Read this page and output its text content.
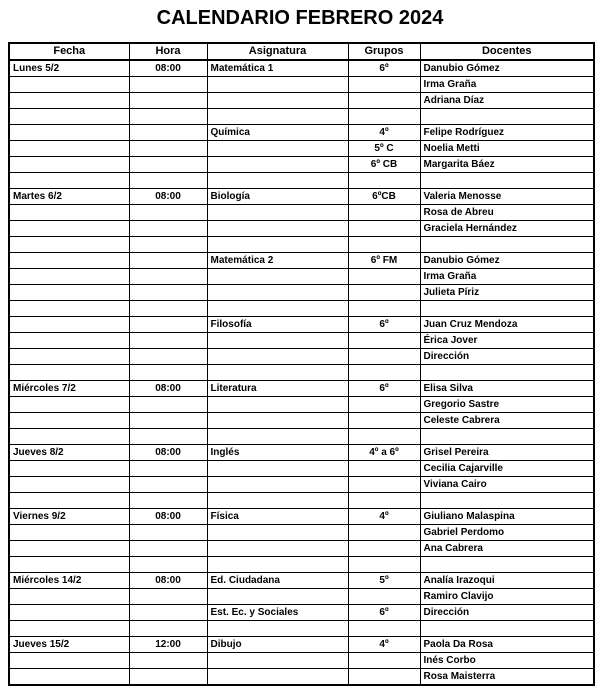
CALENDARIO FEBRERO 2024
Fecha	Hora	Asignatura	Grupos	Docentes
Lunes 5/2	08:00	Matemática 1	6º	Danubio Gómez
				Irma Graña
				Adriana Díaz

		Química	4º	Felipe Rodríguez
			5º C	Noelia Metti
			6º CB	Margarita Báez

Martes 6/2	08:00	Biología	6ºCB	Valeria Menosse
				Rosa de Abreu
				Graciela Hernández

		Matemática 2	6º FM	Danubio Gómez
				Irma Graña
				Julieta Píriz

		Filosofía	6º	Juan Cruz Mendoza
				Érica Jover
				Dirección

Miércoles 7/2	08:00	Literatura	6º	Elisa Silva
				Gregorio Sastre
				Celeste Cabrera

Jueves 8/2	08:00	Inglés	4º a 6º	Grisel Pereira
				Cecilia Cajarville
				Viviana Cairo

Viernes 9/2	08:00	Física	4º	Giuliano Malaspina
				Gabriel Perdomo
				Ana Cabrera

Miércoles 14/2	08:00	Ed. Ciudadana	5º	Analía Irazoqui
				Ramiro Clavijo
		Est. Ec. y Sociales	6º	Dirección

Jueves 15/2	12:00	Dibujo	4º	Paola Da Rosa
				Inés Corbo
				Rosa Maisterra
